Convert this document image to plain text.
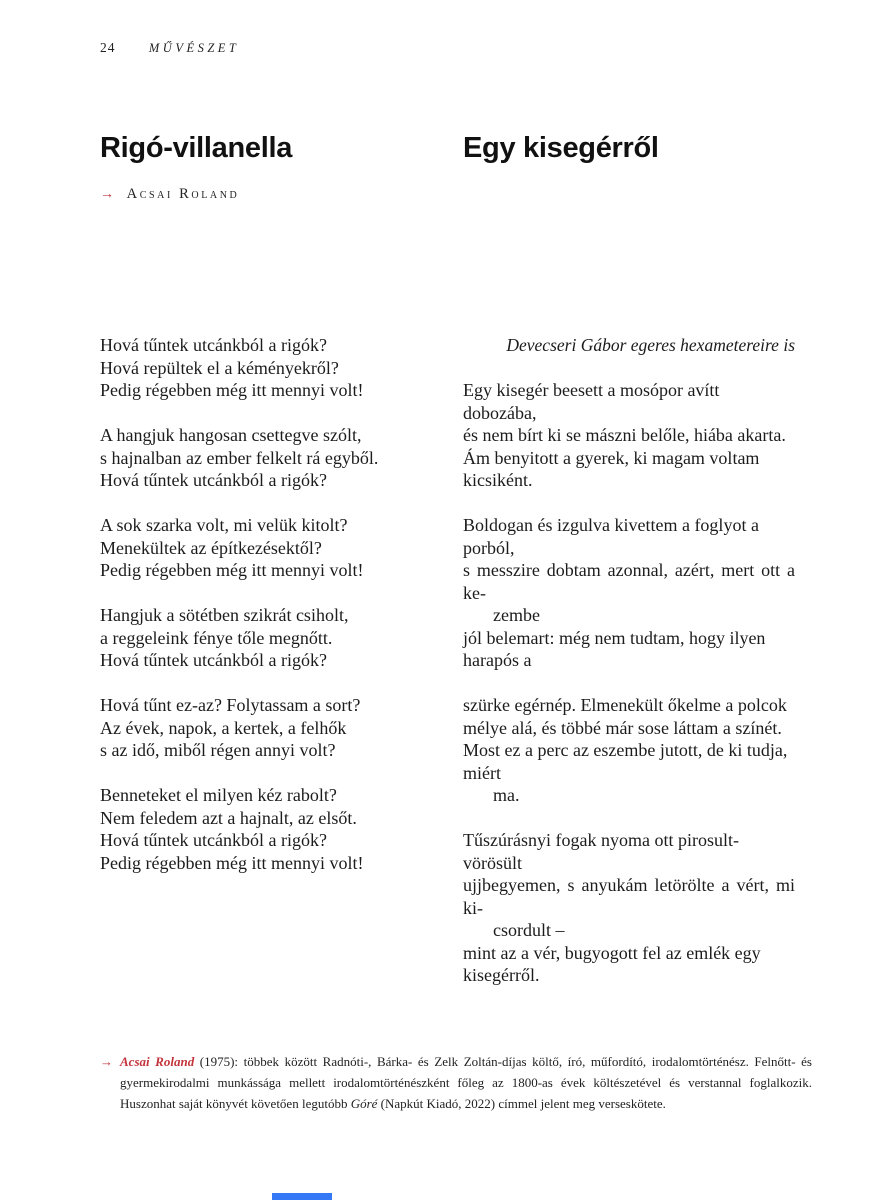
24	MŰVÉSZET
Rigó-villanella	Egy kisegérről
→ Acsai Roland
Hová tűntek utcánkból a rigók?
Hová repültek el a kéményekről?
Pedig régebben még itt mennyi volt!
A hangjuk hangosan csettegve szólt,
s hajnalban az ember felkelt rá egyből.
Hová tűntek utcánkból a rigók?
A sok szarka volt, mi velük kitolt?
Menekültek az építkezésektől?
Pedig régebben még itt mennyi volt!
Hangjuk a sötétben szikrát csiholt,
a reggeleink fénye tőle megnőtt.
Hová tűntek utcánkból a rigók?
Hová tűnt ez-az? Folytassam a sort?
Az évek, napok, a kertek, a felhők
s az idő, miből régen annyi volt?
Benneteket el milyen kéz rabolt?
Nem feledem azt a hajnalt, az elsőt.
Hová tűntek utcánkból a rigók?
Pedig régebben még itt mennyi volt!
Devecseri Gábor egeres hexametereire is
Egy kisegér beesett a mosópor avítt dobozába,
és nem bírt ki se mászni belőle, hiába akarta.
Ám benyitott a gyerek, ki magam voltam kicsiként.
Boldogan és izgulva kivettem a foglyot a porból,
s messzire dobtam azonnal, azért, mert ott a ke-
zembe
jól belemart: még nem tudtam, hogy ilyen harapós a
szürke egérnép. Elmenekült őkelme a polcok
mélye alá, és többé már sose láttam a színét.
Most ez a perc az eszembe jutott, de ki tudja, miért
ma.
Tűszúrásnyi fogak nyoma ott pirosult-vörösült
ujjbegyemen, s anyukám letörölte a vért, mi ki-
csordult –
mint az a vér, bugyogott fel az emlék egy kisegérről.
→ Acsai Roland (1975): többek között Radnóti-, Bárka- és Zelk Zoltán-díjas költő, író, műfordító, irodalomtörténész. Felnőtt- és gyermekirodalmi munkássága mellett irodalomtörténészként főleg az 1800-as évek költészetével és verstannal foglalkozik. Huszonhat saját könyvét követően legutóbb Góré (Napkút Kiadó, 2022) címmel jelent meg verseskötete.
